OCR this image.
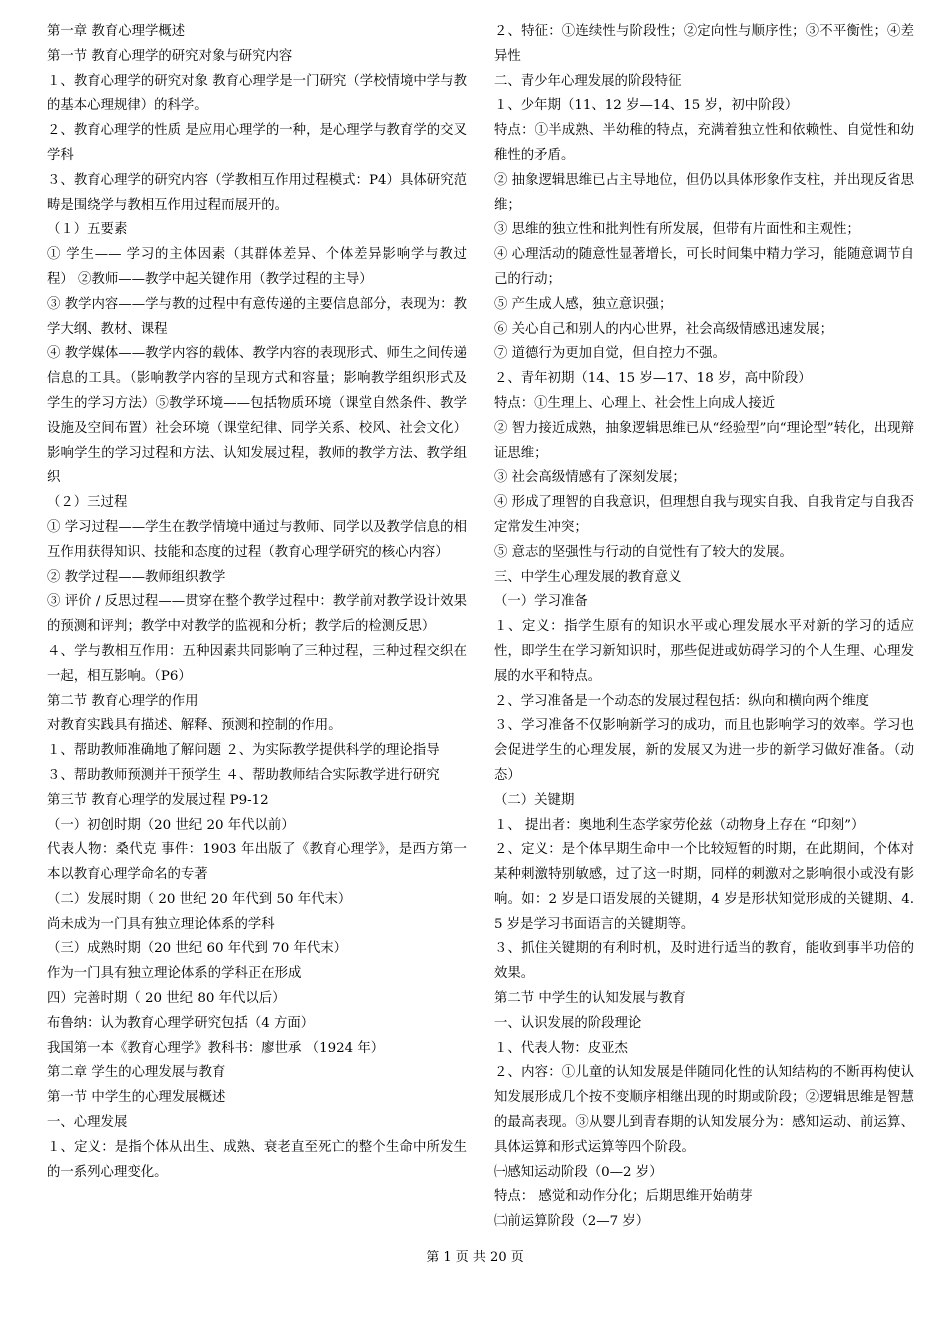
第一章 教育心理学概述

第一节 教育心理学的研究对象与研究内容

１、教育心理学的研究对象 教育心理学是一门研究（学校情境中学与教的基本心理规律）的科学。

２、教育心理学的性质 是应用心理学的一种，是心理学与教育学的交叉学科

３、教育心理学的研究内容（学教相互作用过程模式：P4）具体研究范畴是围绕学与教相互作用过程而展开的。

（１）五要素

① 学生—— 学习的主体因素（其群体差异、个体差异影响学与教过程） ②教师——教学中起关键作用（教学过程的主导）

③ 教学内容——学与教的过程中有意传递的主要信息部分，表现为：教学大纲、教材、课程

④ 教学媒体——教学内容的载体、教学内容的表现形式、师生之间传递信息的工具。（影响教学内容的呈现方式和容量；影响教学组织形式及学生的学习方法）⑤教学环境——包括物质环境（课堂自然条件、教学设施及空间布置）社会环境（课堂纪律、同学关系、校风、社会文化）影响学生的学习过程和方法、认知发展过程，教师的教学方法、教学组织

（２）三过程

① 学习过程——学生在教学情境中通过与教师、同学以及教学信息的相互作用获得知识、技能和态度的过程（教育心理学研究的核心内容）

② 教学过程——教师组织教学

③ 评价 / 反思过程——贯穿在整个教学过程中：教学前对教学设计效果的预测和评判；教学中对教学的监视和分析；教学后的检测反思）

４、学与教相互作用：五种因素共同影响了三种过程，三种过程交织在一起，相互影响。（P6）

第二节 教育心理学的作用

对教育实践具有描述、解释、预测和控制的作用。

１、帮助教师准确地了解问题 ２、为实际教学提供科学的理论指导

３、帮助教师预测并干预学生 ４、帮助教师结合实际教学进行研究

第三节 教育心理学的发展过程 P9-12

（一）初创时期（20 世纪 20 年代以前）

代表人物：桑代克 事件：1903 年出版了《教育心理学》，是西方第一本以教育心理学命名的专著

（二）发展时期（ 20 世纪 20 年代到 50 年代末）

尚未成为一门具有独立理论体系的学科

（三）成熟时期（20 世纪 60 年代到 70 年代末）

作为一门具有独立理论体系的学科正在形成

四）完善时期（ 20 世纪 80 年代以后）

布鲁纳：认为教育心理学研究包括（4 方面）

我国第一本《教育心理学》教科书：廖世承 （1924 年）

第二章 学生的心理发展与教育

第一节 中学生的心理发展概述

一、心理发展

１、定义：是指个体从出生、成熟、衰老直至死亡的整个生命中所发生的一系列心理变化。

２、特征：①连续性与阶段性；②定向性与顺序性；③不平衡性；④差异性

二、青少年心理发展的阶段特征

１、少年期（11、12 岁—14、15 岁，初中阶段）

特点：①半成熟、半幼稚的特点，充满着独立性和依赖性、自觉性和幼稚性的矛盾。

② 抽象逻辑思维已占主导地位，但仍以具体形象作支柱，并出现反省思维；

③ 思维的独立性和批判性有所发展，但带有片面性和主观性；

④ 心理活动的随意性显著增长，可长时间集中精力学习，能随意调节自己的行动；

⑤ 产生成人感，独立意识强；

⑥ 关心自己和别人的内心世界，社会高级情感迅速发展；

⑦ 道德行为更加自觉，但自控力不强。

２、青年初期（14、15 岁—17、18 岁，高中阶段）

特点：①生理上、心理上、社会性上向成人接近

② 智力接近成熟，抽象逻辑思维已从“经验型”向“理论型”转化，出现辩证思维；

③ 社会高级情感有了深刻发展；

④ 形成了理智的自我意识，但理想自我与现实自我、自我肯定与自我否定常发生冲突；

⑤ 意志的坚强性与行动的自觉性有了较大的发展。

三、中学生心理发展的教育意义

（一）学习准备

１、定义：指学生原有的知识水平或心理发展水平对新的学习的适应性，即学生在学习新知识时，那些促进或妨碍学习的个人生理、心理发展的水平和特点。

２、学习准备是一个动态的发展过程包括：纵向和横向两个维度

３、学习准备不仅影响新学习的成功，而且也影响学习的效率。学习也会促进学生的心理发展，新的发展又为进一步的新学习做好准备。（动态）

（二）关键期

１、 提出者：奥地利生态学家劳伦兹（动物身上存在 “印刻”）

２、定义：是个体早期生命中一个比较短暂的时期，在此期间，个体对某种刺激特别敏感，过了这一时期，同样的刺激对之影响很小或没有影响。如：2 岁是口语发展的关键期，4 岁是形状知觉形成的关键期、4.5 岁是学习书面语言的关键期等。

３、抓住关键期的有利时机，及时进行适当的教育，能收到事半功倍的效果。

第二节 中学生的认知发展与教育

一、认识发展的阶段理论

１、代表人物：皮亚杰

２、内容：①儿童的认知发展是伴随同化性的认知结构的不断再构使认知发展形成几个按不变顺序相继出现的时期或阶段；②逻辑思维是智慧的最高表现。③从婴儿到青春期的认知发展分为：感知运动、前运算、具体运算和形式运算等四个阶段。

㈠感知运动阶段（0—2 岁）

特点： 感觉和动作分化；后期思维开始萌芽

㈡前运算阶段（2—7 岁）

第 1 页 共 20 页
